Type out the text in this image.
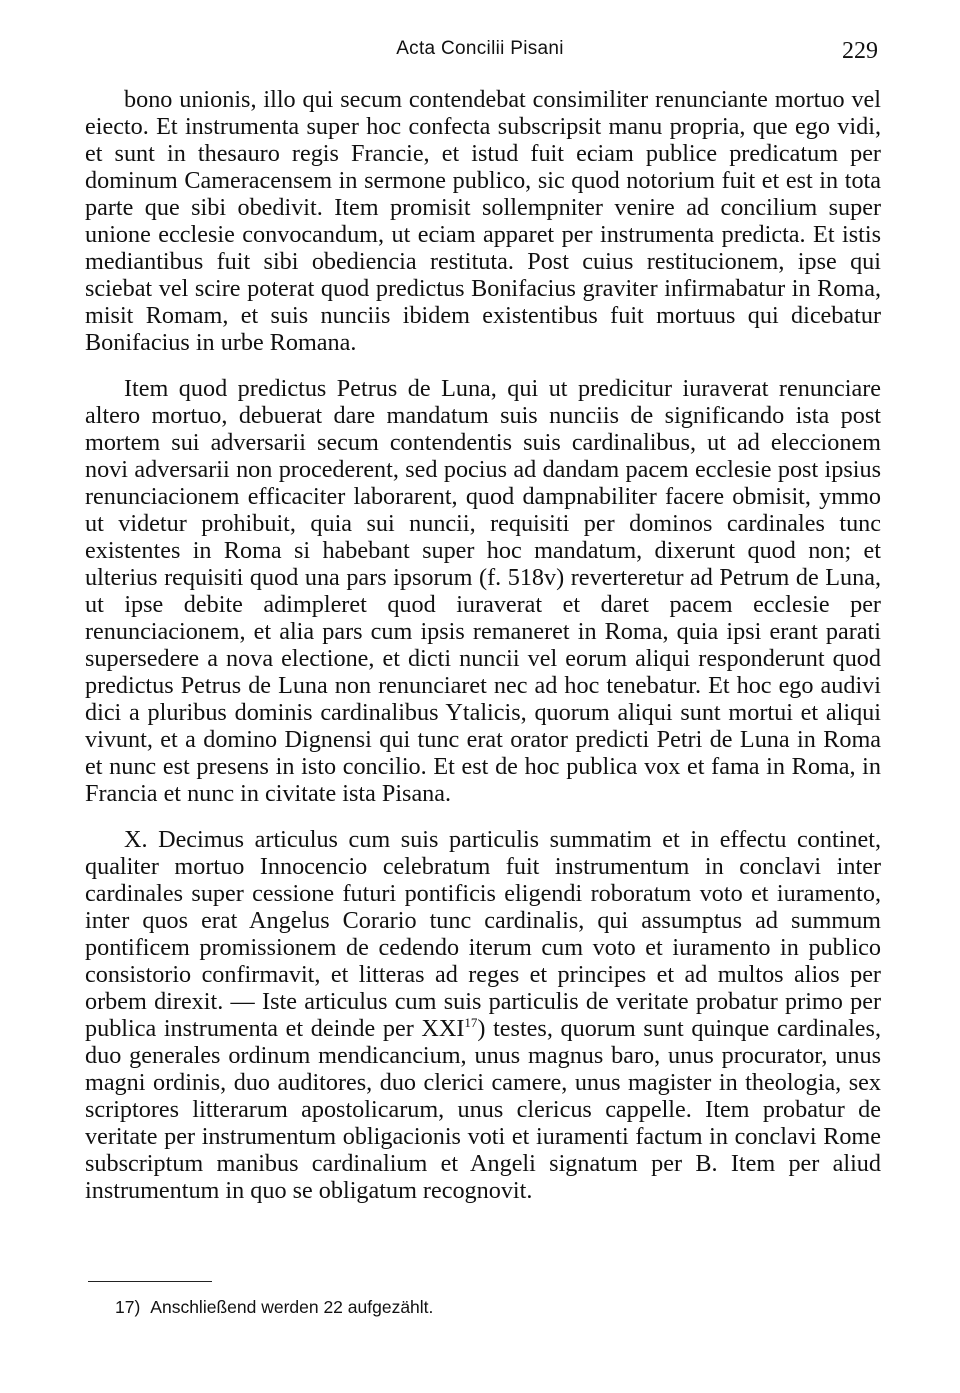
Acta Concilii Pisani	229

bono unionis, illo qui secum contendebat consimiliter renunciante mortuo vel eiecto. Et instrumenta super hoc confecta subscripsit manu propria, que ego vidi, et sunt in thesauro regis Francie, et istud fuit eciam publice predicatum per dominum Cameracensem in sermone publico, sic quod notorium fuit et est in tota parte que sibi obedivit. Item promisit sollempniter venire ad concilium super unione ecclesie convocandum, ut eciam apparet per instrumenta predicta. Et istis mediantibus fuit sibi obediencia restituta. Post cuius restitucionem, ipse qui sciebat vel scire poterat quod predictus Bonifacius graviter infirmabatur in Roma, misit Romam, et suis nunciis ibidem existentibus fuit mortuus qui dicebatur Bonifacius in urbe Romana.

Item quod predictus Petrus de Luna, qui ut predicitur iuraverat renunciare altero mortuo, debuerat dare mandatum suis nunciis de significando ista post mortem sui adversarii secum contendentis suis cardinalibus, ut ad eleccionem novi adversarii non procederent, sed pocius ad dandam pacem ecclesie post ipsius renunciacionem efficaciter laborarent, quod dampnabiliter facere obmisit, ymmo ut videtur prohibuit, quia sui nuncii, requisiti per dominos cardinales tunc existentes in Roma si habebant super hoc mandatum, dixerunt quod non; et ulterius requisiti quod una pars ipsorum (f. 518v) reverteretur ad Petrum de Luna, ut ipse debite adimpleret quod iuraverat et daret pacem ecclesie per renunciacionem, et alia pars cum ipsis remaneret in Roma, quia ipsi erant parati supersedere a nova electione, et dicti nuncii vel eorum aliqui responderunt quod predictus Petrus de Luna non renunciaret nec ad hoc tenebatur. Et hoc ego audivi dici a pluribus dominis cardinalibus Ytalicis, quorum aliqui sunt mortui et aliqui vivunt, et a domino Dignensi qui tunc erat orator predicti Petri de Luna in Roma et nunc est presens in isto concilio. Et est de hoc publica vox et fama in Roma, in Francia et nunc in civitate ista Pisana.

X. Decimus articulus cum suis particulis summatim et in effectu continet, qualiter mortuo Innocencio celebratum fuit instrumentum in conclavi inter cardinales super cessione futuri pontificis eligendi roboratum voto et iuramento, inter quos erat Angelus Corario tunc cardinalis, qui assumptus ad summum pontificem promissionem de cedendo iterum cum voto et iuramento in publico consistorio confirmavit, et litteras ad reges et principes et ad multos alios per orbem direxit. — Iste articulus cum suis particulis de veritate probatur primo per publica instrumenta et deinde per XXI$^{17}$) testes, quorum sunt quinque cardinales, duo generales ordinum mendicancium, unus magnus baro, unus procurator, unus magni ordinis, duo auditores, duo clerici camere, unus magister in theologia, sex scriptores litterarum apostolicarum, unus clericus cappelle. Item probatur de veritate per instrumentum obligacionis voti et iuramenti factum in conclavi Rome subscriptum manibus cardinalium et Angeli signatum per B. Item per aliud instrumentum in quo se obligatum recognovit.

17) Anschließend werden 22 aufgezählt.
